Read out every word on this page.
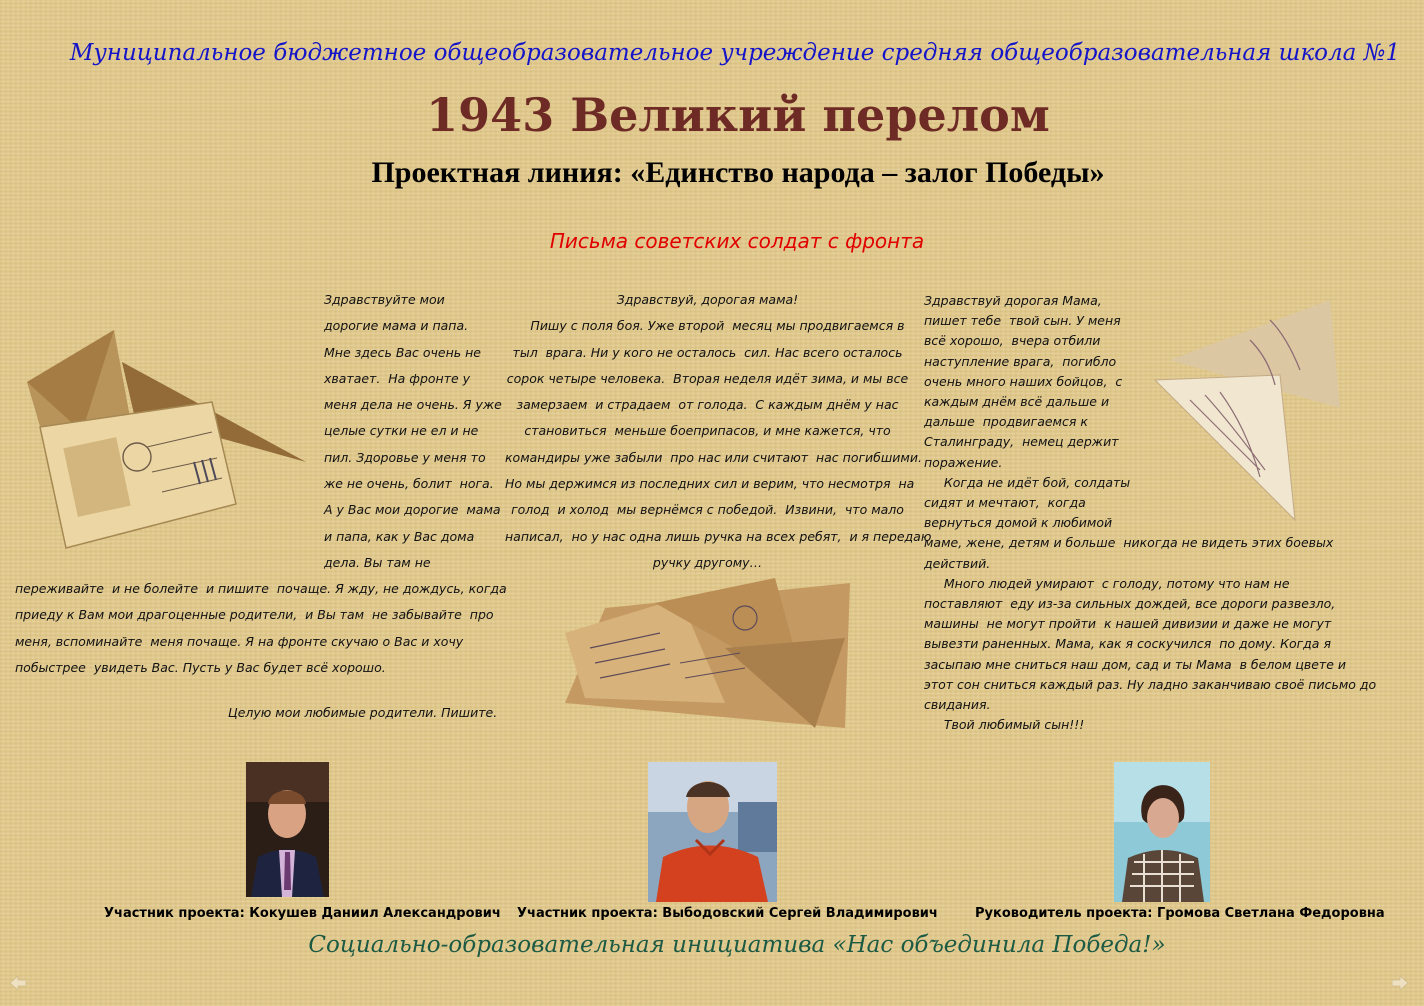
Муниципальное бюджетное общеобразовательное учреждение средняя общеобразовательная школа №1
1943 Великий перелом
Проектная линия: «Единство народа – залог Победы»
Письма советских солдат с фронта
Здравствуйте мои
дорогие мама и папа.
Мне здесь Вас очень не
хватает.  На фронте у
меня дела не очень. Я уже
целые сутки не ел и не
пил. Здоровье у меня то
же не очень, болит  нога.
А у Вас мои дорогие  мама
и папа, как у Вас дома
дела. Вы там не
переживайте  и не болейте  и пишите  почаще. Я жду, не дождусь, когда
приеду к Вам мои драгоценные родители,  и Вы там  не забывайте  про
меня, вспоминайте  меня почаще. Я на фронте скучаю о Вас и хочу
побыстрее  увидеть Вас. Пусть у Вас будет всё хорошо.
Целую мои любимые родители. Пишите.
Здравствуй, дорогая мама!
Пишу с поля боя. Уже второй  месяц мы продвигаемся в
тыл  врага. Ни у кого не осталось  сил. Нас всего осталось
сорок четыре человека.  Вторая неделя идёт зима, и мы все
замерзаем  и страдаем  от голода.  С каждым днём у нас
становиться  меньше боеприпасов, и мне кажется, что
командиры уже забыли  про нас или считают  нас погибшими.
Но мы держимся из последних сил и верим, что несмотря  на
голод  и холод  мы вернёмся с победой.  Извини,  что мало
написал,  но у нас одна лишь ручка на всех ребят,  и я передаю
ручку другому…
Здравствуй дорогая Мама,
пишет тебе  твой сын. У меня
всё хорошо,  вчера отбили
наступление врага,  погибло
очень много наших бойцов,  с
каждым днём всё дальше и
дальше  продвигаемся к
Сталинграду,  немец держит
поражение.
Когда не идёт бой, солдаты
сидят и мечтают,  когда
вернуться домой к любимой
маме, жене, детям и больше  никогда не видеть этих боевых
действий.
Много людей умирают  с голоду, потому что нам не
поставляют  еду из-за сильных дождей, все дороги развезло,
машины  не могут пройти  к нашей дивизии и даже не могут
вывезти раненных. Мама, как я соскучился  по дому. Когда я
засыпаю мне сниться наш дом, сад и ты Мама  в белом цвете и
этот сон сниться каждый раз. Ну ладно заканчиваю своё письмо до
свидания.
Твой любимый сын!!!
Участник проекта: Кокушев Даниил Александрович Участник проекта: Выбодовский Сергей Владимирович	Руководитель проекта: Громова Светлана Федоровна
Социально-образовательная инициатива «Нас объединила Победа!»
